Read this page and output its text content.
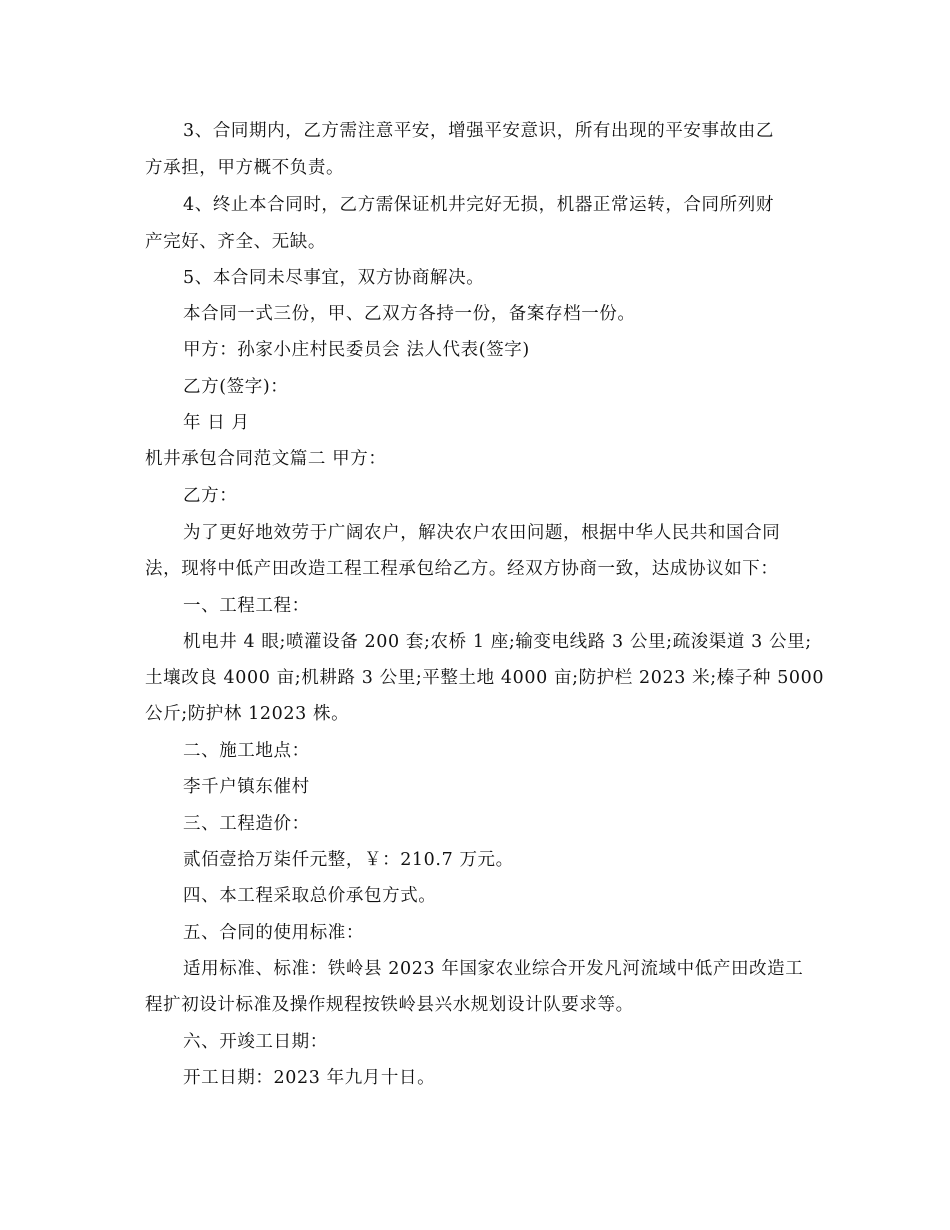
3、合同期内，乙方需注意平安，增强平安意识，所有出现的平安事故由乙
方承担，甲方概不负责。
4、终止本合同时，乙方需保证机井完好无损，机器正常运转，合同所列财
产完好、齐全、无缺。
5、本合同未尽事宜，双方协商解决。
本合同一式三份，甲、乙双方各持一份，备案存档一份。
甲方：孙家小庄村民委员会 法人代表(签字)
乙方(签字)：
年 日 月
机井承包合同范文篇二 甲方：
乙方：
为了更好地效劳于广阔农户，解决农户农田问题，根据中华人民共和国合同
法，现将中低产田改造工程工程承包给乙方。经双方协商一致，达成协议如下：
一、工程工程：
机电井 4 眼;喷灌设备 200 套;农桥 1 座;输变电线路 3 公里;疏浚渠道 3 公里;
土壤改良 4000 亩;机耕路 3 公里;平整土地 4000 亩;防护栏 2023 米;榛子种 5000
公斤;防护林 12023 株。
二、施工地点：
李千户镇东催村
三、工程造价：
贰佰壹拾万柒仟元整，￥：210.7 万元。
四、本工程采取总价承包方式。
五、合同的使用标准：
适用标准、标准：铁岭县 2023 年国家农业综合开发凡河流域中低产田改造工
程扩初设计标准及操作规程按铁岭县兴水规划设计队要求等。
六、开竣工日期：
开工日期：2023 年九月十日。
